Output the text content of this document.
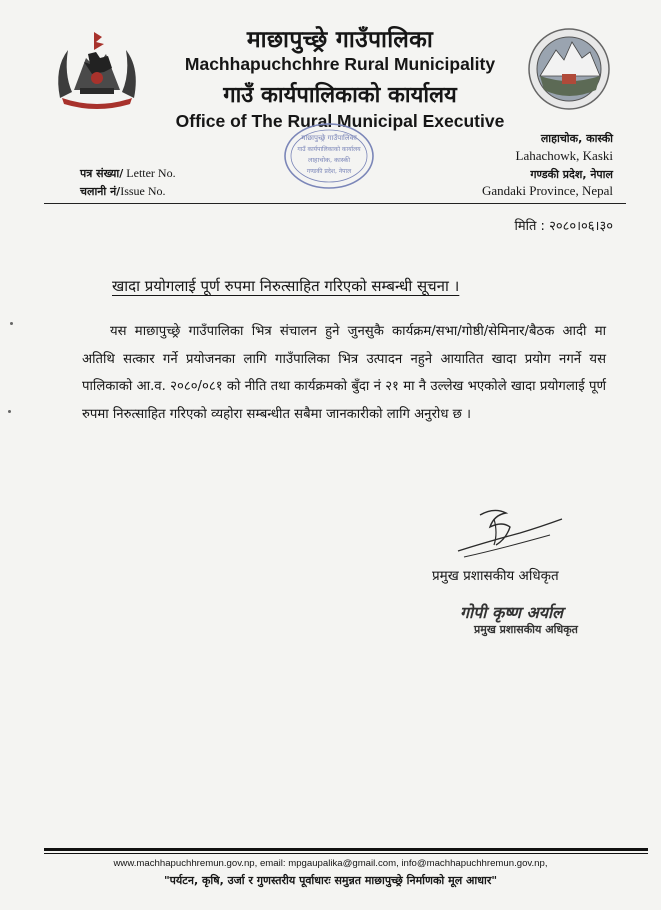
माछापुच्छ्रे गाउँपालिका
Machhapuchchhre Rural Municipality
गाउँ कार्यपालिकाको कार्यालय
Office of The Rural Municipal Executive
माछापुच्छ्रे गाउँपालिका
गाउँ कार्यपालिकाको कार्यालय
लाहाचोक, कास्की
गण्डकी प्रदेश, नेपाल
पत्र संख्या/ Letter No.
चलानी नं/Issue No.
लाहाचोक, कास्की
Lahachowk, Kaski
गण्डकी प्रदेश, नेपाल
Gandaki Province, Nepal
मिति : २०८०।०६।३०
खादा प्रयोगलाई पूर्ण रुपमा निरुत्साहित गरिएको सम्बन्धी सूचना ।
यस माछापुच्छ्रे गाउँपालिका भित्र संचालन हुने जुनसुकै कार्यक्रम/सभा/गोष्ठी/सेमिनार/बैठक आदी मा अतिथि सत्कार गर्ने प्रयोजनका लागि गाउँपालिका भित्र उत्पादन नहुने आयातित खादा प्रयोग नगर्ने यस पालिकाको आ.व. २०८०/०८१ को नीति तथा कार्यक्रमको बुँदा नं २१ मा नै उल्लेख भएकोले खादा प्रयोगलाई पूर्ण रुपमा निरुत्साहित गरिएको व्यहोरा सम्बन्धीत सबैमा जानकारीको लागि अनुरोध छ ।
प्रमुख प्रशासकीय अधिकृत
गोपी कृष्ण अर्याल
प्रमुख प्रशासकीय अधिकृत
www.machhapuchhremun.gov.np, email: mpgaupalika@gmail.com, info@machhapuchhremun.gov.np,
"पर्यटन, कृषि, उर्जा र गुणस्तरीय पूर्वाधारः समुन्नत माछापुच्छ्रे निर्माणको मूल आधार"
